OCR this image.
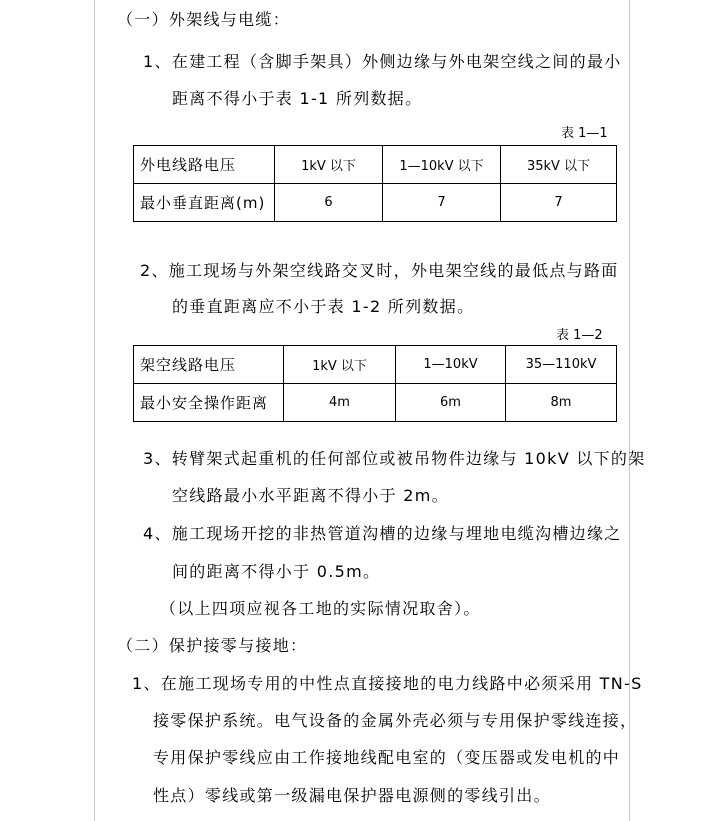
（一）外架线与电缆：
1、在建工程（含脚手架具）外侧边缘与外电架空线之间的最小
距离不得小于表 1-1 所列数据。
表 1—1
外电线路电压	1kV 以下	1—10kV 以下	35kV 以下
最小垂直距离(m)	6	7	7
2、施工现场与外架空线路交叉时，外电架空线的最低点与路面
的垂直距离应不小于表 1-2 所列数据。
表 1—2
架空线路电压	1kV 以下	1—10kV	35—110kV
最小安全操作距离	4m	6m	8m
3、转臂架式起重机的任何部位或被吊物件边缘与 10kV 以下的架
空线路最小水平距离不得小于 2m。
4、施工现场开挖的非热管道沟槽的边缘与埋地电缆沟槽边缘之
间的距离不得小于 0.5m。
（以上四项应视各工地的实际情况取舍）。
（二）保护接零与接地：
1、在施工现场专用的中性点直接接地的电力线路中必须采用 TN-S
接零保护系统。电气设备的金属外壳必须与专用保护零线连接，
专用保护零线应由工作接地线配电室的（变压器或发电机的中
性点）零线或第一级漏电保护器电源侧的零线引出。
